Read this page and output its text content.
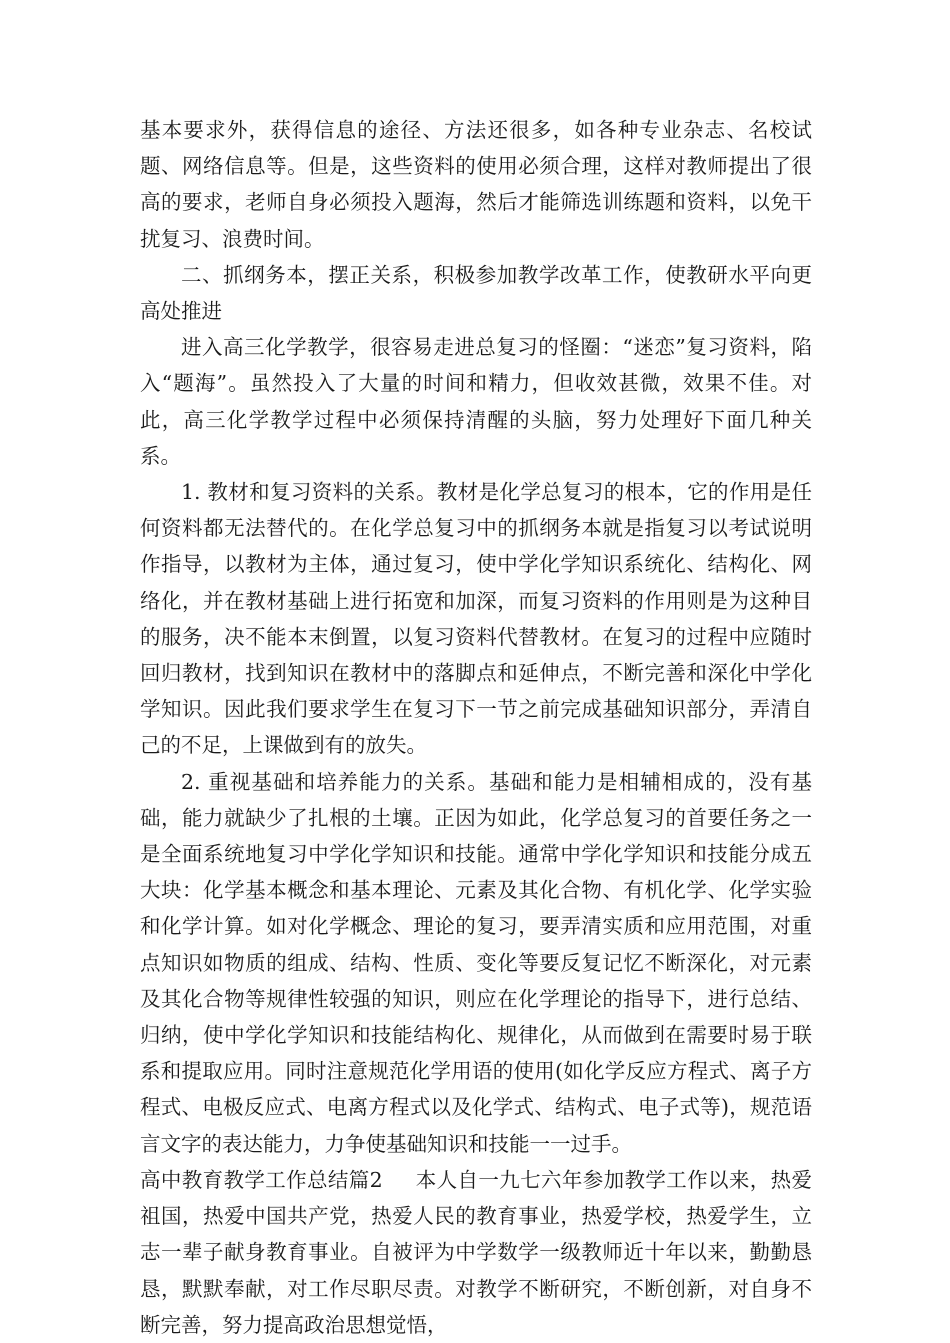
基本要求外，获得信息的途径、方法还很多，如各种专业杂志、名校试题、网络信息等。但是，这些资料的使用必须合理，这样对教师提出了很高的要求，老师自身必须投入题海，然后才能筛选训练题和资料，以免干扰复习、浪费时间。

二、抓纲务本，摆正关系，积极参加教学改革工作，使教研水平向更高处推进

进入高三化学教学，很容易走进总复习的怪圈：“迷恋”复习资料，陷入“题海”。虽然投入了大量的时间和精力，但收效甚微，效果不佳。对此，高三化学教学过程中必须保持清醒的头脑，努力处理好下面几种关系。

1. 教材和复习资料的关系。教材是化学总复习的根本，它的作用是任何资料都无法替代的。在化学总复习中的抓纲务本就是指复习以考试说明作指导，以教材为主体，通过复习，使中学化学知识系统化、结构化、网络化，并在教材基础上进行拓宽和加深，而复习资料的作用则是为这种目的服务，决不能本末倒置，以复习资料代替教材。在复习的过程中应随时回归教材，找到知识在教材中的落脚点和延伸点，不断完善和深化中学化学知识。因此我们要求学生在复习下一节之前完成基础知识部分，弄清自己的不足，上课做到有的放失。

2. 重视基础和培养能力的关系。基础和能力是相辅相成的，没有基础，能力就缺少了扎根的土壤。正因为如此，化学总复习的首要任务之一是全面系统地复习中学化学知识和技能。通常中学化学知识和技能分成五大块：化学基本概念和基本理论、元素及其化合物、有机化学、化学实验和化学计算。如对化学概念、理论的复习，要弄清实质和应用范围，对重点知识如物质的组成、结构、性质、变化等要反复记忆不断深化，对元素及其化合物等规律性较强的知识，则应在化学理论的指导下，进行总结、归纳，使中学化学知识和技能结构化、规律化，从而做到在需要时易于联系和提取应用。同时注意规范化学用语的使用(如化学反应方程式、离子方程式、电极反应式、电离方程式以及化学式、结构式、电子式等)，规范语言文字的表达能力，力争使基础知识和技能一一过手。

高中教育教学工作总结篇2 本人自一九七六年参加教学工作以来，热爱祖国，热爱中国共产党，热爱人民的教育事业，热爱学校，热爱学生，立志一辈子献身教育事业。自被评为中学数学一级教师近十年以来，勤勤恳恳，默默奉献，对工作尽职尽责。对教学不断研究，不断创新，对自身不断完善，努力提高政治思想觉悟，
